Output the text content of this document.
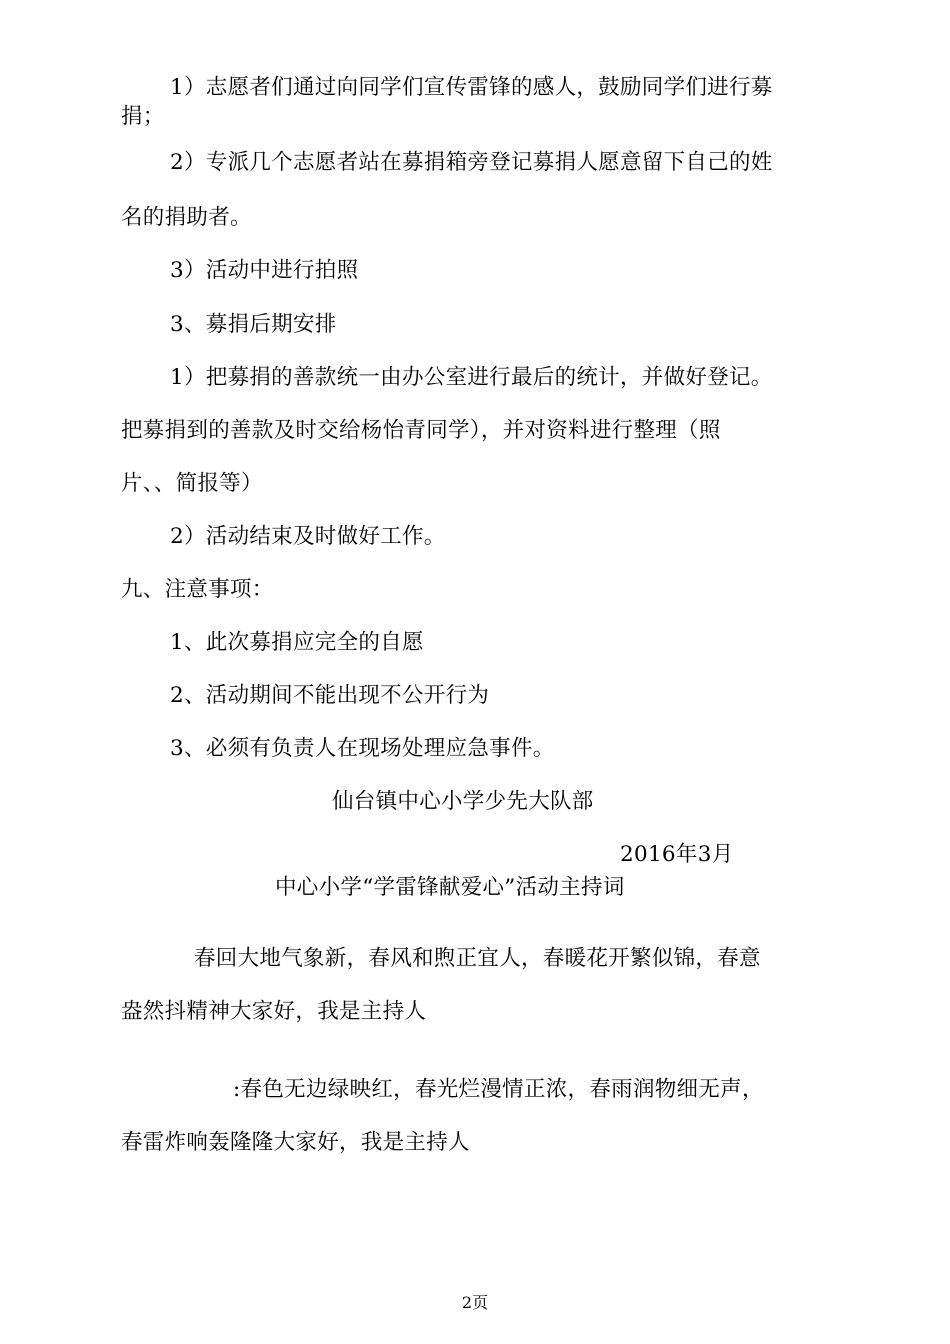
1）志愿者们通过向同学们宣传雷锋的感人，鼓励同学们进行募
捐；
2）专派几个志愿者站在募捐箱旁登记募捐人愿意留下自己的姓
名的捐助者。
3）活动中进行拍照
3、募捐后期安排
1）把募捐的善款统一由办公室进行最后的统计，并做好登记。
把募捐到的善款及时交给杨怡青同学），并对资料进行整理（照
片、、简报等）
2）活动结束及时做好工作。
九、注意事项：
1、此次募捐应完全的自愿
2、活动期间不能出现不公开行为
3、必须有负责人在现场处理应急事件。
仙台镇中心小学少先大队部
2016年3月
中心小学“学雷锋献爱心”活动主持词
春回大地气象新，春风和煦正宜人，春暖花开繁似锦，春意
盎然抖精神大家好，我是主持人
:春色无边绿映红，春光烂漫情正浓，春雨润物细无声，
春雷炸响轰隆隆大家好，我是主持人
2页
